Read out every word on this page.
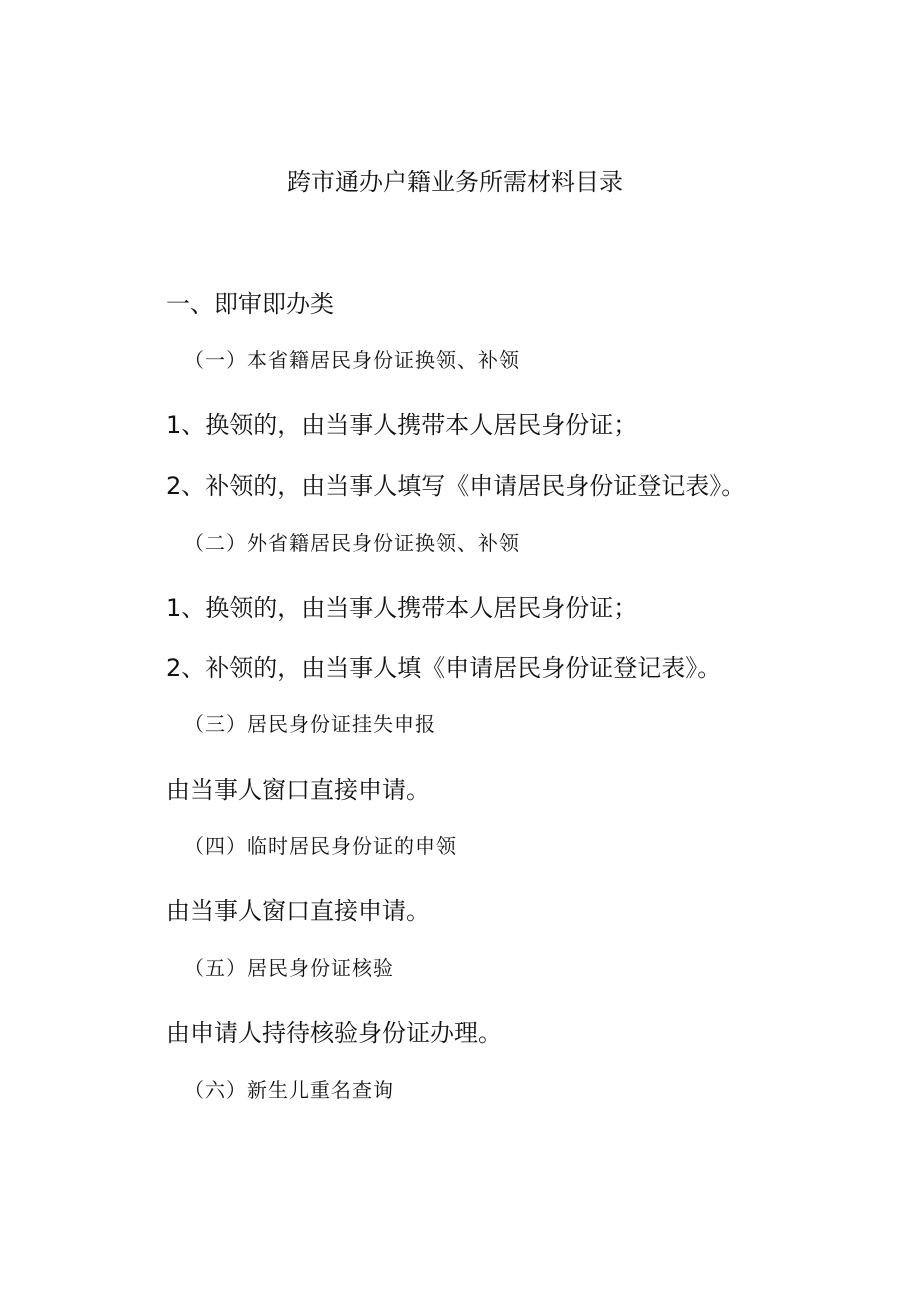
跨市通办户籍业务所需材料目录
一、即审即办类
（一）本省籍居民身份证换领、补领
1、换领的，由当事人携带本人居民身份证；
2、补领的，由当事人填写《申请居民身份证登记表》。
（二）外省籍居民身份证换领、补领
1、换领的，由当事人携带本人居民身份证；
2、补领的，由当事人填《申请居民身份证登记表》。
（三）居民身份证挂失申报
由当事人窗口直接申请。
（四）临时居民身份证的申领
由当事人窗口直接申请。
（五）居民身份证核验
由申请人持待核验身份证办理。
（六）新生儿重名查询
